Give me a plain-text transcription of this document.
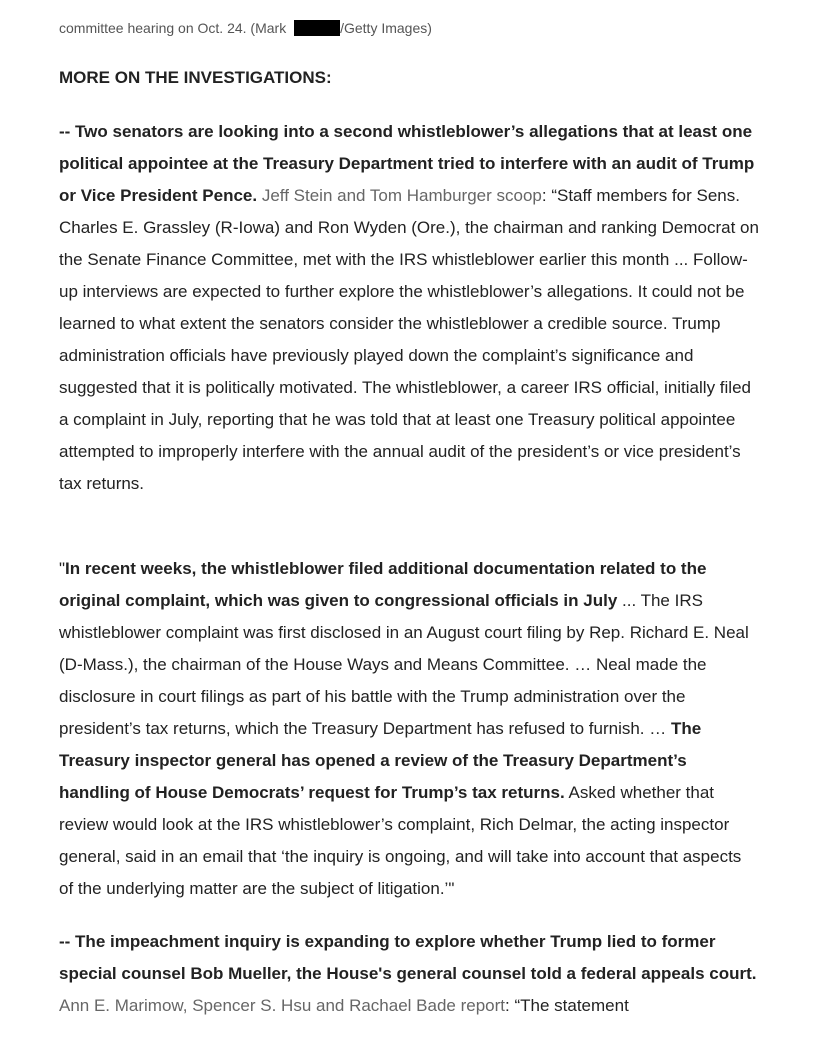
committee hearing on Oct. 24. (Mark	/Getty Images)
MORE ON THE INVESTIGATIONS:

-- Two senators are looking into a second whistleblower’s allegations that at least one political appointee at the Treasury Department tried to interfere with an audit of Trump or Vice President Pence. Jeff Stein and Tom Hamburger scoop: “Staff members for Sens. Charles E. Grassley (R-Iowa) and Ron Wyden (Ore.), the chairman and ranking Democrat on the Senate Finance Committee, met with the IRS whistleblower earlier this month ... Follow-up interviews are expected to further explore the whistleblower’s allegations. It could not be learned to what extent the senators consider the whistleblower a credible source. Trump administration officials have previously played down the complaint’s significance and suggested that it is politically motivated. The whistleblower, a career IRS official, initially filed a complaint in July, reporting that he was told that at least one Treasury political appointee attempted to improperly interfere with the annual audit of the president’s or vice president’s tax returns.

"In recent weeks, the whistleblower filed additional documentation related to the original complaint, which was given to congressional officials in July ... The IRS whistleblower complaint was first disclosed in an August court filing by Rep. Richard E. Neal (D-Mass.), the chairman of the House Ways and Means Committee. … Neal made the disclosure in court filings as part of his battle with the Trump administration over the president’s tax returns, which the Treasury Department has refused to furnish. … The Treasury inspector general has opened a review of the Treasury Department’s handling of House Democrats’ request for Trump’s tax returns. Asked whether that review would look at the IRS whistleblower’s complaint, Rich Delmar, the acting inspector general, said in an email that ‘the inquiry is ongoing, and will take into account that aspects of the underlying matter are the subject of litigation.’"

-- The impeachment inquiry is expanding to explore whether Trump lied to former special counsel Bob Mueller, the House's general counsel told a federal appeals court. Ann E. Marimow, Spencer S. Hsu and Rachael Bade report: “The statement
